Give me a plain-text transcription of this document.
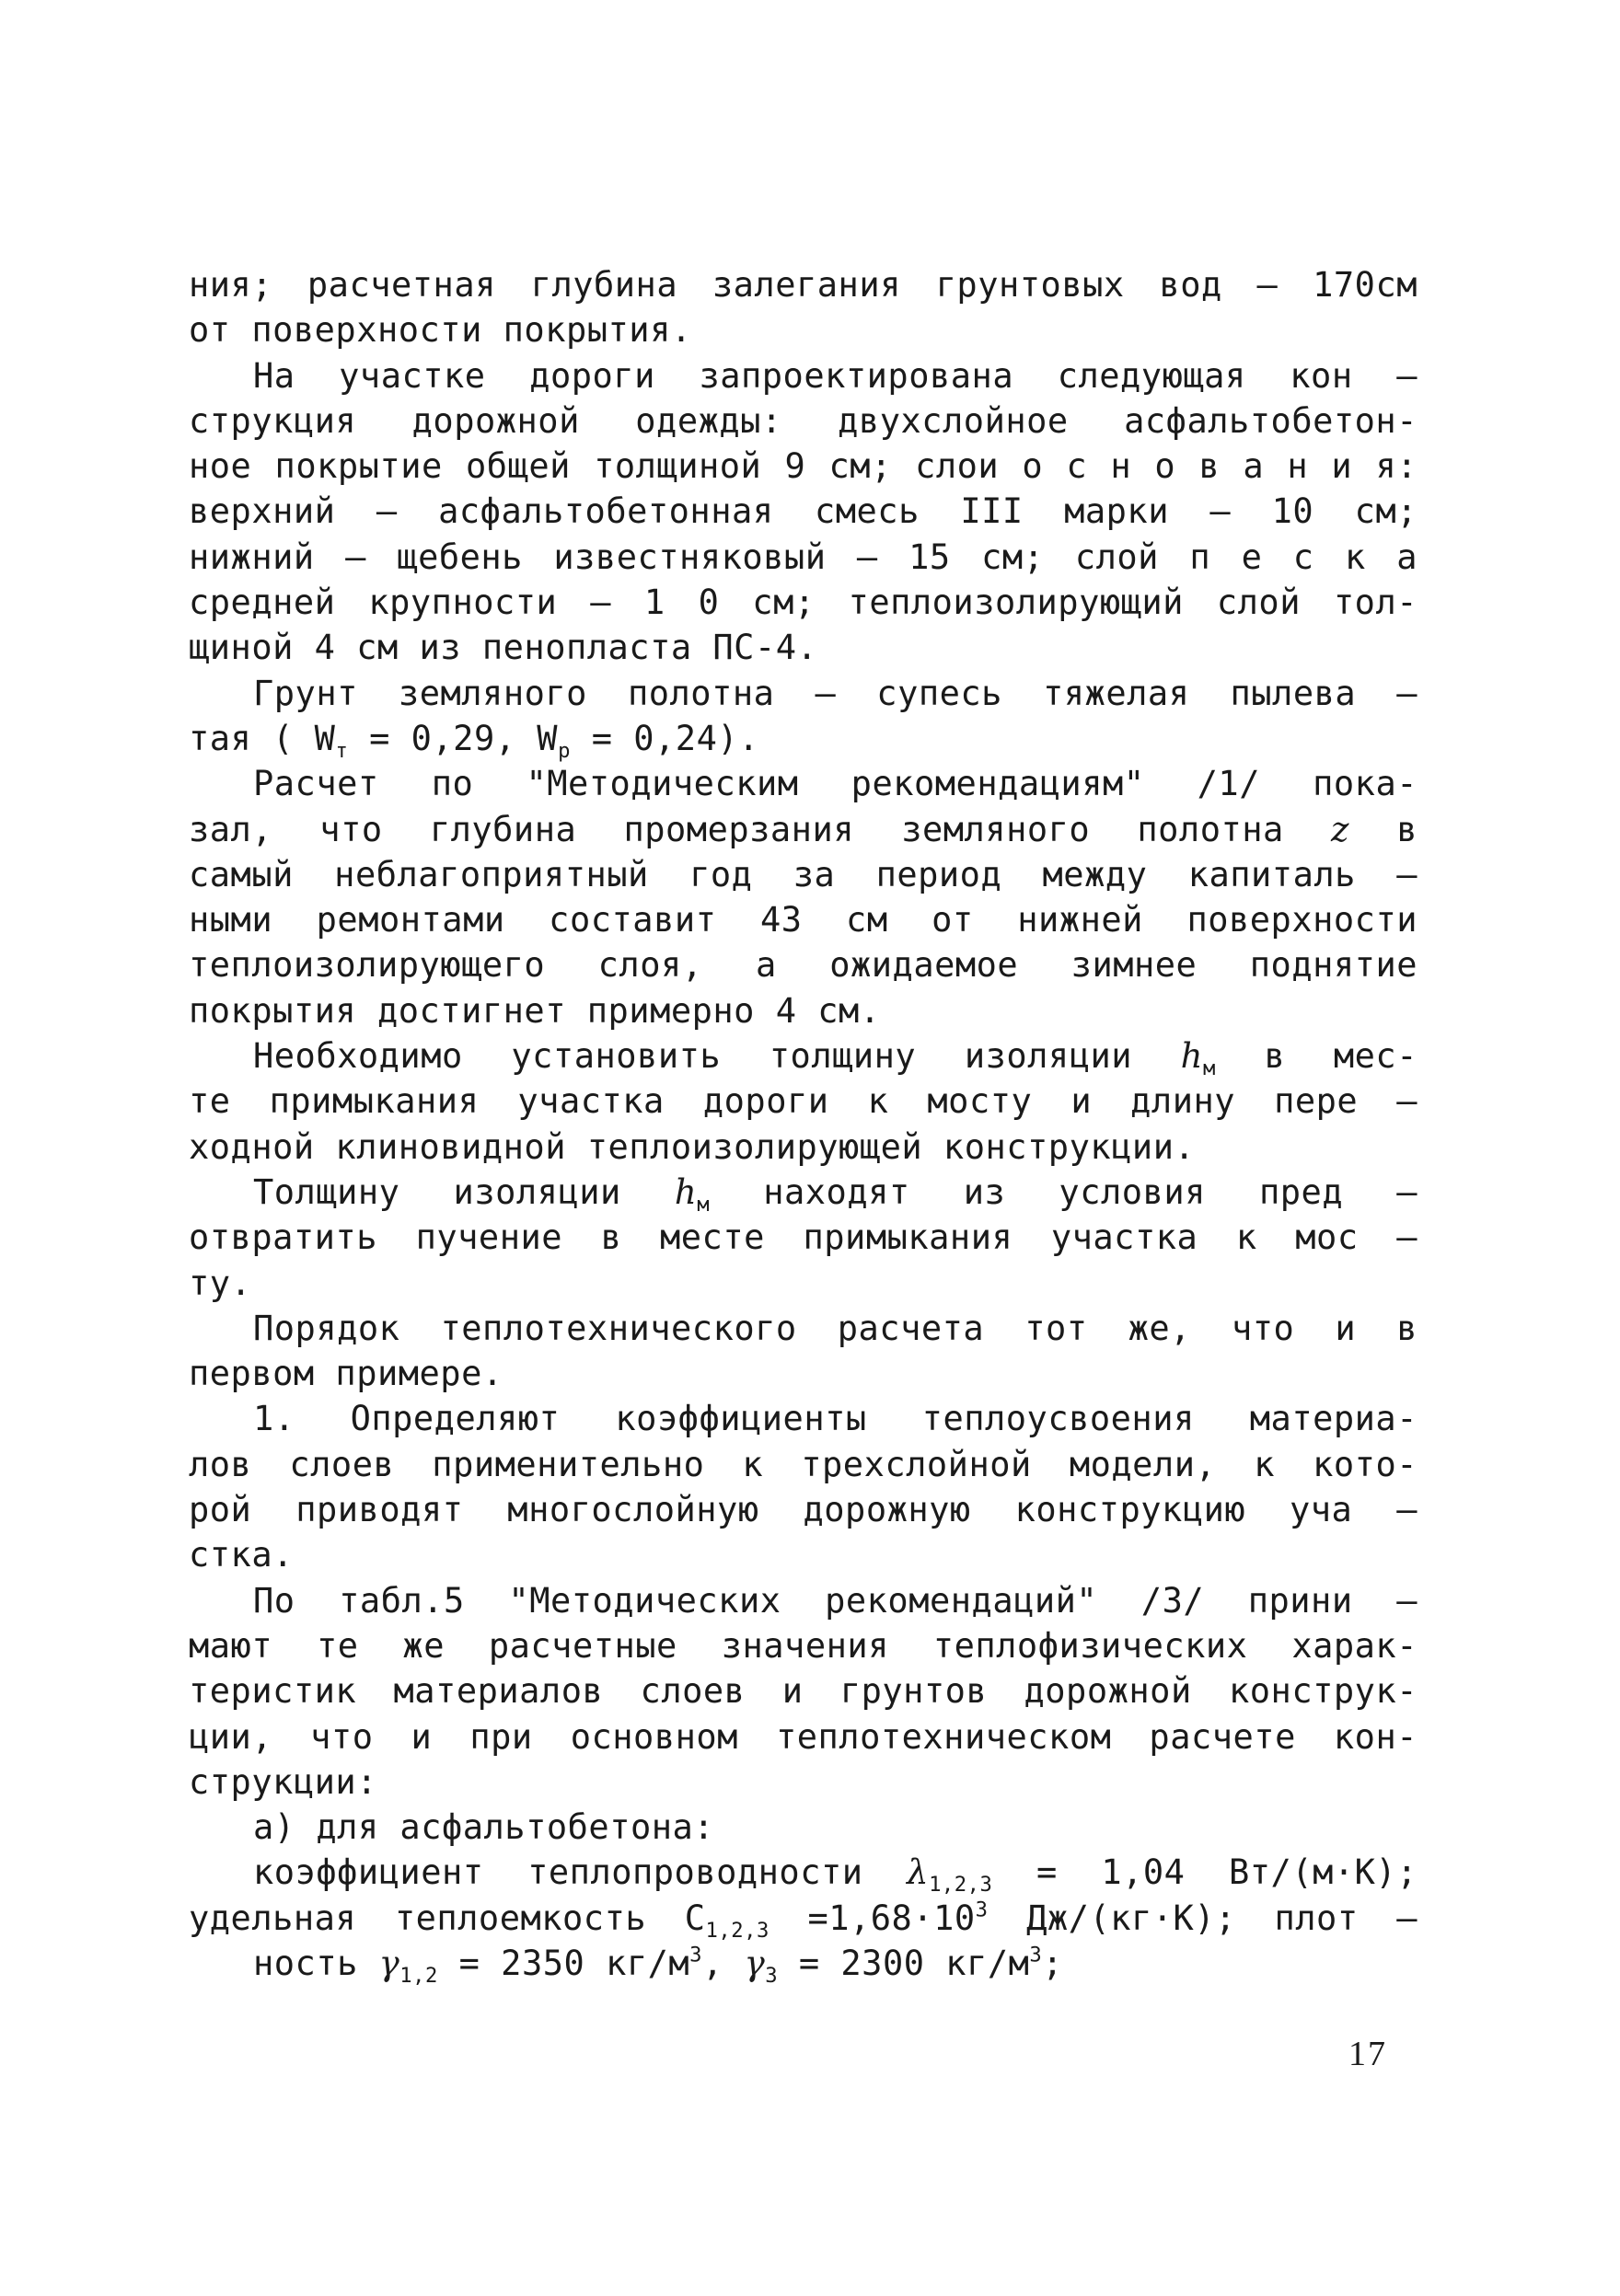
ния; расчетная глубина залегания грунтовых вод – 170см
от поверхности покрытия.
На участке дороги запроектирована следующая кон –
струкция дорожной одежды: двухслойное асфальтобетон-
ное покрытие общей толщиной 9 см; слои о с н о в а н и я:
верхний – асфальтобетонная смесь III марки – 10 см;
нижний – щебень известняковый – 15 см; слой п е с к а
средней крупности – 1 0 см; теплоизолирующий слой тол-
щиной 4 см из пенопласта ПС-4.
Грунт земляного полотна – супесь тяжелая пылева –
тая ( $W_т = 0,29$, $W_р = 0,24$).
Расчет по "Методическим рекомендациям" /1/ пока-
зал, что глубина промерзания земляного полотна z в
самый неблагоприятный год за период между капиталь –
ными ремонтами составит 43 см от нижней поверхности
теплоизолирующего слоя, а ожидаемое зимнее поднятие
покрытия достигнет примерно 4 см.
Необходимо установить толщину изоляции $h_м$ в мес-
те примыкания участка дороги к мосту и длину пере –
ходной клиновидной теплоизолирующей конструкции.
Толщину изоляции $h_м$ находят из условия пред –
отвратить пучение в месте примыкания участка к мос –
ту.
Порядок теплотехнического расчета тот же, что и в
первом примере.
1. Определяют коэффициенты теплоусвоения материа-
лов слоев применительно к трехслойной модели, к кото-
рой приводят многослойную дорожную конструкцию уча –
стка.
По табл.5 "Методических рекомендаций" /3/ прини –
мают те же расчетные значения теплофизических харак-
теристик материалов слоев и грунтов дорожной конструк-
ции, что и при основном теплотехническом расчете кон-
струкции:
а) для асфальтобетона:
коэффициент теплопроводности $\lambda_{1,2,3} = 1,04$ Вт/(м·К);
удельная теплоемкость $C_{1,2,3} =1,68\cdot 10^3$ Дж/(кг·К); плот –
ность $\gamma_{1,2} = 2350$ $кг/м^3$, $\gamma_3 = 2300$ $кг/м^3$;
17
